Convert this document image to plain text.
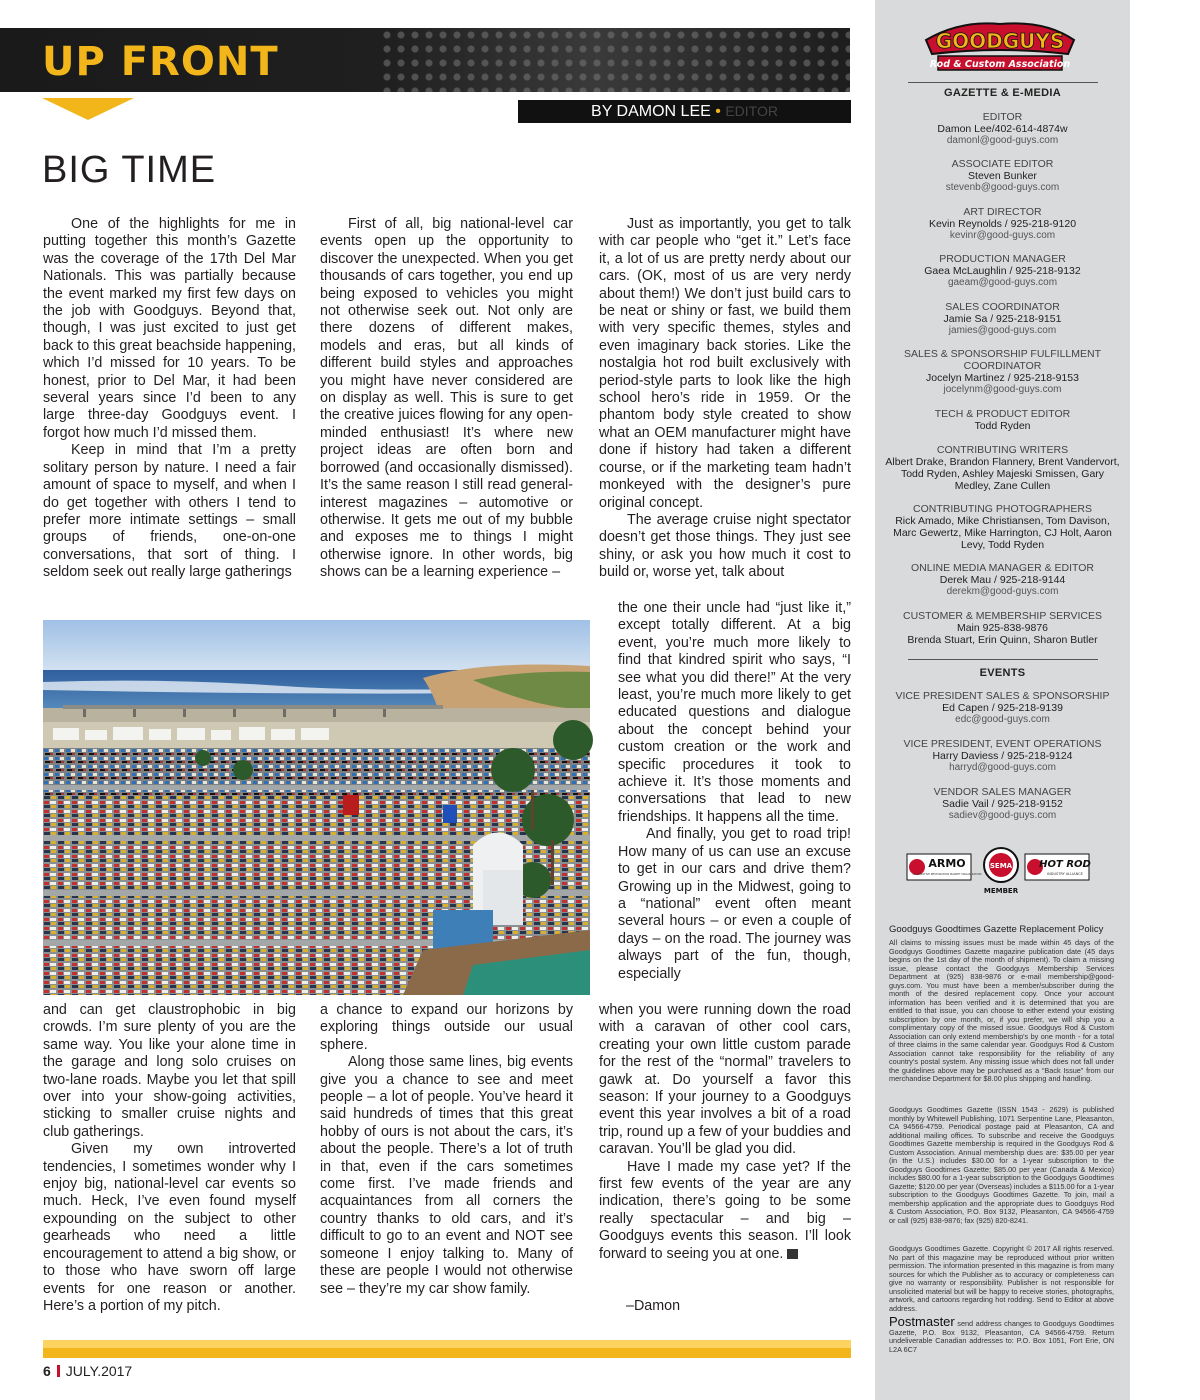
UP FRONT
BY DAMON LEE • EDITOR
BIG TIME

One of the highlights for me in putting together this month’s Gazette was the coverage of the 17th Del Mar Nationals. This was partially because the event marked my first few days on the job with Goodguys. Beyond that, though, I was just excited to just get back to this great beachside happening, which I’d missed for 10 years. To be honest, prior to Del Mar, it had been several years since I’d been to any large three-day Goodguys event. I forgot how much I’d missed them.

Keep in mind that I’m a pretty solitary person by nature. I need a fair amount of space to myself, and when I do get together with others I tend to prefer more intimate settings – small groups of friends, one-on-one conversations, that sort of thing. I seldom seek out really large gatherings

First of all, big national-level car events open up the opportunity to discover the unexpected. When you get thousands of cars together, you end up being exposed to vehicles you might not otherwise seek out. Not only are there dozens of different makes, models and eras, but all kinds of different build styles and approaches you might have never considered are on display as well. This is sure to get the creative juices flowing for any open-minded enthusiast! It’s where new project ideas are often born and borrowed (and occasionally dismissed). It’s the same reason I still read general-interest magazines – automotive or otherwise. It gets me out of my bubble and exposes me to things I might otherwise ignore. In other words, big shows can be a learning experience –

Just as importantly, you get to talk with car people who “get it.” Let’s face it, a lot of us are pretty nerdy about our cars. (OK, most of us are very nerdy about them!) We don’t just build cars to be neat or shiny or fast, we build them with very specific themes, styles and even imaginary back stories. Like the nostalgia hot rod built exclusively with period-style parts to look like the high school hero’s ride in 1959. Or the phantom body style created to show what an OEM manufacturer might have done if history had taken a different course, or if the marketing team hadn’t monkeyed with the designer’s pure original concept.

The average cruise night spectator doesn’t get those things. They just see shiny, or ask you how much it cost to build or, worse yet, talk about

the one their uncle had “just like it,” except totally different. At a big event, you’re much more likely to find that kindred spirit who says, “I see what you did there!” At the very least, you’re much more likely to get educated questions and dialogue about the concept behind your custom creation or the work and specific procedures it took to achieve it. It’s those moments and conversations that lead to new friendships. It happens all the time.

And finally, you get to road trip! How many of us can use an excuse to get in our cars and drive them? Growing up in the Midwest, going to a “national” event often meant several hours – or even a couple of days – on the road. The journey was always part of the fun, though, especially

and can get claustrophobic in big crowds. I’m sure plenty of you are the same way. You like your alone time in the garage and long solo cruises on two-lane roads. Maybe you let that spill over into your show-going activities, sticking to smaller cruise nights and club gatherings.

Given my own introverted tendencies, I sometimes wonder why I enjoy big, national-level car events so much. Heck, I’ve even found myself expounding on the subject to other gearheads who need a little encouragement to attend a big show, or to those who have sworn off large events for one reason or another. Here’s a portion of my pitch.

a chance to expand our horizons by exploring things outside our usual sphere.

Along those same lines, big events give you a chance to see and meet people – a lot of people. You’ve heard it said hundreds of times that this great hobby of ours is not about the cars, it’s about the people. There’s a lot of truth in that, even if the cars sometimes come first. I’ve made friends and acquaintances from all corners the country thanks to old cars, and it’s difficult to go to an event and NOT see someone I enjoy talking to. Many of these are people I would not otherwise see – they’re my car show family.

when you were running down the road with a caravan of other cool cars, creating your own little custom parade for the rest of the “normal” travelers to gawk at. Do yourself a favor this season: If your journey to a Goodguys event this year involves a bit of a road trip, round up a few of your buddies and caravan. You’ll be glad you did.

Have I made my case yet? If the first few events of the year are any indication, there’s going to be some really spectacular – and big – Goodguys events this season. I’ll look forward to seeing you at one.	GG

–Damon
6 JULY.2017
GOODGUYS
Rod & Custom Association
GAZETTE & E-MEDIA
EDITOR
Damon Lee/402-614-4874w
damonl@good-guys.com
ASSOCIATE EDITOR
Steven Bunker
stevenb@good-guys.com
ART DIRECTOR
Kevin Reynolds / 925-218-9120
kevinr@good-guys.com
PRODUCTION MANAGER
Gaea McLaughlin / 925-218-9132
gaeam@good-guys.com
SALES COORDINATOR
Jamie Sa / 925-218-9151
jamies@good-guys.com
SALES & SPONSORSHIP FULFILLMENT COORDINATOR
Jocelyn Martinez / 925-218-9153
jocelynm@good-guys.com
TECH & PRODUCT EDITOR
Todd Ryden
CONTRIBUTING WRITERS
Albert Drake, Brandon Flannery, Brent Vandervort, Todd Ryden, Ashley Majeski Smissen, Gary Medley, Zane Cullen
CONTRIBUTING PHOTOGRAPHERS
Rick Amado, Mike Christiansen, Tom Davison, Marc Gewertz, Mike Harrington, CJ Holt, Aaron Levy, Todd Ryden
ONLINE MEDIA MANAGER & EDITOR
Derek Mau / 925-218-9144
derekm@good-guys.com
CUSTOMER & MEMBERSHIP SERVICES
Main 925-838-9876
Brenda Stuart, Erin Quinn, Sharon Butler
EVENTS
VICE PRESIDENT SALES & SPONSORSHIP
Ed Capen / 925-218-9139
edc@good-guys.com
VICE PRESIDENT, EVENT OPERATIONS
Harry Daviess / 925-218-9124
harryd@good-guys.com
VENDOR SALES MANAGER
Sadie Vail / 925-218-9152
sadiev@good-guys.com
ARMO
AUTOMOTIVE RESTORATION MARKET ORGANIZATION
SEMA
MEMBER
HOT ROD
INDUSTRY ALLIANCE
Goodguys Goodtimes Gazette Replacement Policy
All claims to missing issues must be made within 45 days of the Goodguys Goodtimes Gazette magazine publication date (45 days begins on the 1st day of the month of shipment). To claim a missing issue, please contact the Goodguys Membership Services Department at (925) 838-9876 or e-mail membership@good-guys.com. You must have been a member/subscriber during the month of the desired replacement copy. Once your account information has been verified and it is determined that you are entitled to that issue, you can choose to either extend your existing subscription by one month, or, if you prefer, we will ship you a complimentary copy of the missed issue. Goodguys Rod & Custom Association can only extend membership's by one month - for a total of three claims in the same calendar year. Goodguys Rod & Custom Association cannot take responsibility for the reliability of any country's postal system. Any missing issue which does not fall under the guidelines above may be purchased as a “Back Issue” from our merchandise Department for $8.00 plus shipping and handling.
Goodguys Goodtimes Gazette (ISSN 1543 - 2629) is published monthly by Whitewell Publishing, 1071 Serpentine Lane, Pleasanton, CA 94566-4759. Periodical postage paid at Pleasanton, CA and additional mailing offices. To subscribe and receive the Goodguys Goodtimes Gazette membership is required in the Goodguys Rod & Custom Association. Annual membership dues are: $35.00 per year (in the U.S.) includes $30.00 for a 1-year subscription to the Goodguys Goodtimes Gazette; $85.00 per year (Canada & Mexico) includes $80.00 for a 1-year subscription to the Goodguys Goodtimes Gazette; $120.00 per year (Overseas) includes a $115.00 for a 1-year subscription to the Goodguys Goodtimes Gazette. To join, mail a membership application and the appropriate dues to Goodguys Rod & Custom Association, P.O. Box 9132, Pleasanton, CA 94566-4759 or call (925) 838-9876; fax (925) 820-8241.
Goodguys Goodtimes Gazette. Copyright © 2017 All rights reserved. No part of this magazine may be reproduced without prior written permission. The information presented in this magazine is from many sources for which the Publisher as to accuracy or completeness can give no warranty or responsibility. Publisher is not responsible for unsolicited material but will be happy to receive stories, photographs, artwork, and cartoons regarding hot rodding. Send to Editor at above address.
Postmaster send address changes to Goodguys Goodtimes Gazette, P.O. Box 9132, Pleasanton, CA 94566-4759. Return undeliverable Canadian addresses to: P.O. Box 1051, Fort Erie, ON L2A 6C7
